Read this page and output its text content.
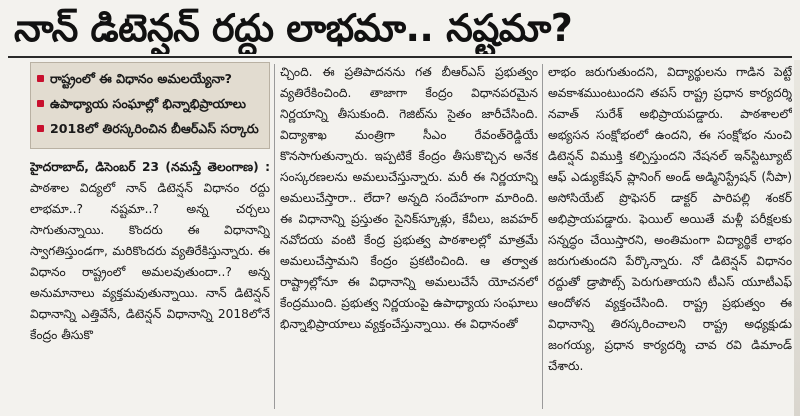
నాన్ డిటెన్షన్ రద్దు లాభమా.. నష్టమా?
రాష్ట్రంలో ఈ విధానం అమలయ్యేనా?
ఉపాధ్యాయ సంఘాల్లో భిన్నాభిప్రాయాలు
2018లో తిరస్కరించిన బీఆర్ఎస్ సర్కారు

హైదరాబాద్, డిసెంబర్ 23 (నమస్తే తెలంగాణ) : పాఠశాల విద్యలో నాన్ డిటెన్షన్ విధానం రద్దు లాభమా..? నష్టమా..? అన్న చర్చలు సాగుతున్నాయి. కొందరు ఈ విధానాన్ని స్వాగతిస్తుండగా, మరికొందరు వ్యతిరేకిస్తున్నారు. ఈ విధానం రాష్ట్రంలో అమలవుతుందా..? అన్న అనుమానాలు వ్యక్తమవుతున్నాయి. నాన్ డిటెన్షన్ విధానాన్ని ఎత్తివేసే, డిటెన్షన్ విధానాన్ని 2018లోనే కేంద్రం తీసుకొ

చ్చింది. ఈ ప్రతిపాదనను గత బీఆర్ఎస్ ప్రభుత్వం వ్యతిరేకించింది. తాజాగా కేంద్రం విధానపరమైన నిర్ణయాన్ని తీసుకుంది. గెజిట్‌ను సైతం జారీచేసింది. విద్యాశాఖ మంత్రిగా సీఎం రేవంత్‌రెడ్డియే కొనసాగుతున్నారు. ఇప్పటికే కేంద్రం తీసుకొచ్చిన అనేక సంస్కరణలను అమలుచేస్తున్నారు. మరీ ఈ నిర్ణయాన్ని అమలుచేస్తారా.. లేదా? అన్నది సందేహంగా మారింది. ఈ విధానాన్ని ప్రస్తుతం సైనిక్‌స్కూళ్లు, కేవీలు, జవహర్ నవోదయ వంటి కేంద్ర ప్రభుత్వ పాఠశాలల్లో మాత్రమే అమలుచేస్తామని కేంద్రం ప్రకటించింది. ఆ తర్వాత రాష్ట్రాల్లోనూ ఈ విధానాన్ని అమలుచేసే యోచనలో కేంద్రముంది. ప్రభుత్వ నిర్ణయంపై ఉపాధ్యాయ సంఘాలు భిన్నాభిప్రాయాలు వ్యక్తంచేస్తున్నాయి. ఈ విధానంతో

లాభం జరుగుతుందని, విద్యార్థులను గాడిన పెట్టే అవకాశముంటుందని తపస్ రాష్ట్ర ప్రధాన కార్యదర్శి నవాత్ సురేశ్ అభిప్రాయపడ్డారు. పాఠశాలలో అభ్యసన సంక్షోభంలో ఉందని, ఈ సంక్షోభం నుంచి డిటెన్షన్ విముక్తి కల్పిస్తుందని నేషనల్ ఇన్‌స్టిట్యూట్ ఆఫ్ ఎడ్యుకేషన్ ప్లానింగ్ అండ్ అడ్మినిస్ట్రేషన్ (నీపా) అసోసియేట్ ప్రొఫెసర్ డాక్టర్ పారిపల్లి శంకర్ అభిప్రాయపడ్డారు. ఫెయిల్ అయితే మళ్లీ పరీక్షలకు సన్నద్ధం చేయిస్తారని, అంతిమంగా విద్యార్థికే లాభం జరుగుతుందని పేర్కొన్నారు. నో డిటెన్షన్ విధానం రద్దుతో డ్రాపౌట్స్ పెరుగుతాయని టీఎస్ యూటీఎఫ్ ఆందోళన వ్యక్తంచేసింది. రాష్ట్ర ప్రభుత్వం ఈ విధానాన్ని తిరస్కరించాలని రాష్ట్ర అధ్యక్షుడు జంగయ్య, ప్రధాన కార్యదర్శి చావ రవి డిమాండ్ చేశారు.
